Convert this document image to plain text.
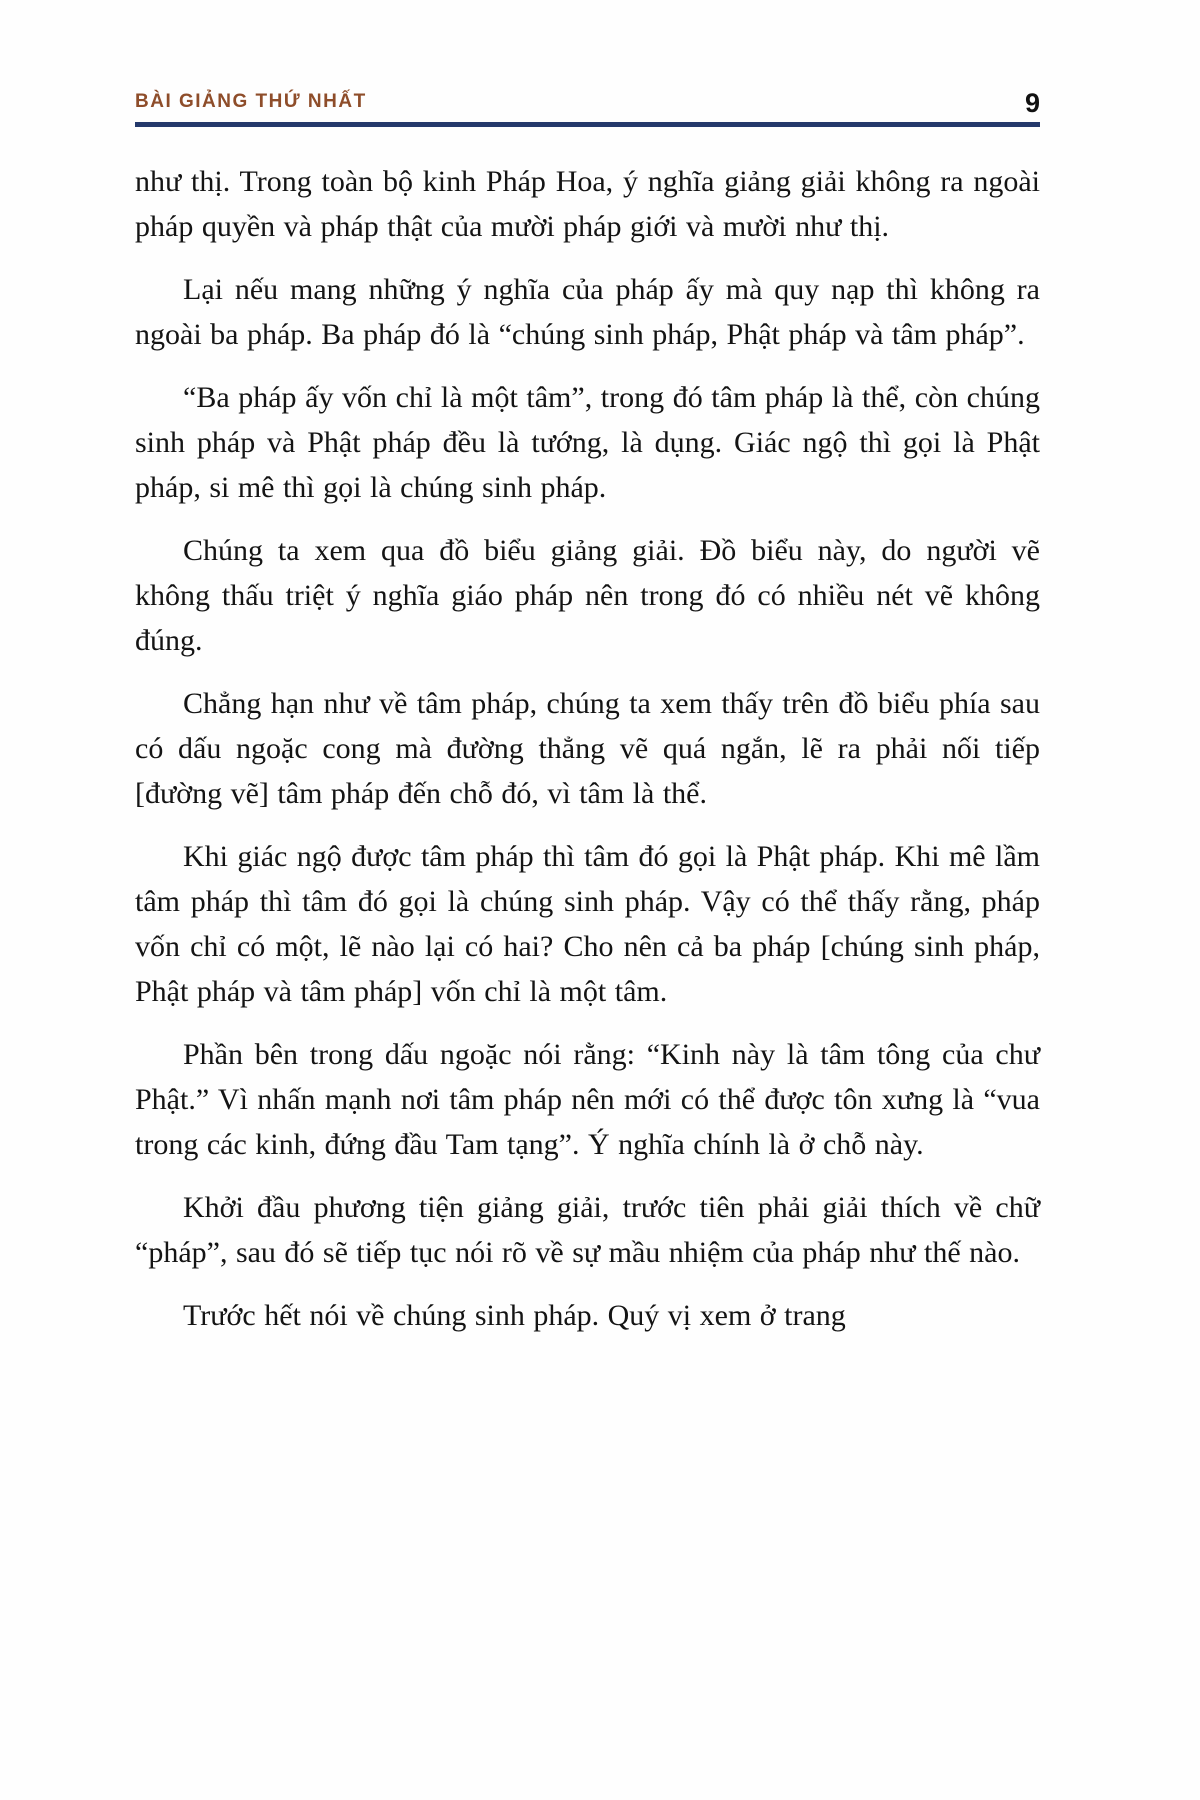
BÀI GIẢNG THỨ NHẤT	9

như thị. Trong toàn bộ kinh Pháp Hoa, ý nghĩa giảng giải không ra ngoài pháp quyền và pháp thật của mười pháp giới và mười như thị.

Lại nếu mang những ý nghĩa của pháp ấy mà quy nạp thì không ra ngoài ba pháp. Ba pháp đó là “chúng sinh pháp, Phật pháp và tâm pháp”.

“Ba pháp ấy vốn chỉ là một tâm”, trong đó tâm pháp là thể, còn chúng sinh pháp và Phật pháp đều là tướng, là dụng. Giác ngộ thì gọi là Phật pháp, si mê thì gọi là chúng sinh pháp.

Chúng ta xem qua đồ biểu giảng giải. Đồ biểu này, do người vẽ không thấu triệt ý nghĩa giáo pháp nên trong đó có nhiều nét vẽ không đúng.

Chẳng hạn như về tâm pháp, chúng ta xem thấy trên đồ biểu phía sau có dấu ngoặc cong mà đường thẳng vẽ quá ngắn, lẽ ra phải nối tiếp [đường vẽ] tâm pháp đến chỗ đó, vì tâm là thể.

Khi giác ngộ được tâm pháp thì tâm đó gọi là Phật pháp. Khi mê lầm tâm pháp thì tâm đó gọi là chúng sinh pháp. Vậy có thể thấy rằng, pháp vốn chỉ có một, lẽ nào lại có hai? Cho nên cả ba pháp [chúng sinh pháp, Phật pháp và tâm pháp] vốn chỉ là một tâm.

Phần bên trong dấu ngoặc nói rằng: “Kinh này là tâm tông của chư Phật.” Vì nhấn mạnh nơi tâm pháp nên mới có thể được tôn xưng là “vua trong các kinh, đứng đầu Tam tạng”. Ý nghĩa chính là ở chỗ này.

Khởi đầu phương tiện giảng giải, trước tiên phải giải thích về chữ “pháp”, sau đó sẽ tiếp tục nói rõ về sự mầu nhiệm của pháp như thế nào.

Trước hết nói về chúng sinh pháp. Quý vị xem ở trang
